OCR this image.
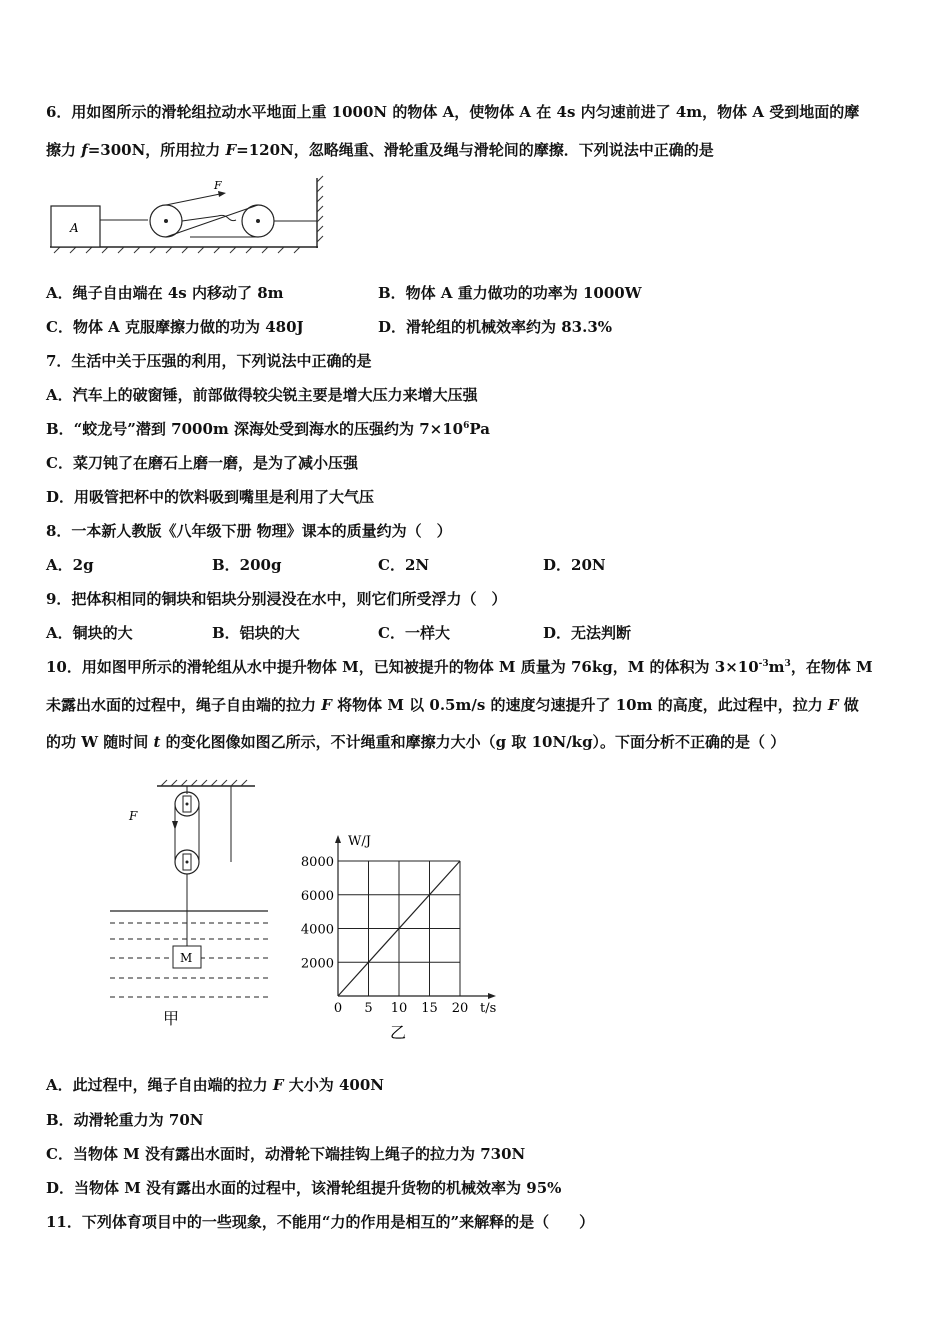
6．用如图所示的滑轮组拉动水平地面上重 1000N 的物体 A，使物体 A 在 4s 内匀速前进了 4m，物体 A 受到地面的摩
擦力 f=300N，所用拉力 F=120N，忽略绳重、滑轮重及绳与滑轮间的摩擦．下列说法中正确的是
A
F
A．绳子自由端在 4s 内移动了 8m	B．物体 A 重力做功的功率为 1000W
C．物体 A 克服摩擦力做的功为 480J	D．滑轮组的机械效率约为 83.3%
7．生活中关于压强的利用，下列说法中正确的是
A．汽车上的破窗锤，前部做得较尖锐主要是增大压力来增大压强
B．“蛟龙号”潜到 7000m 深海处受到海水的压强约为 $7\times 10^6Pa$
C．菜刀钝了在磨石上磨一磨，是为了减小压强
D．用吸管把杯中的饮料吸到嘴里是利用了大气压
8．一本新人教版《八年级下册 物理》课本的质量约为（　）
A．2g	B．200g	C．2N	D．20N
9．把体积相同的铜块和铝块分别浸没在水中，则它们所受浮力（　）
A．铜块的大	B．铝块的大	C．一样大	D．无法判断
10．用如图甲所示的滑轮组从水中提升物体 M，已知被提升的物体 M 质量为 76kg，M 的体积为 $3\times 10^{-3}m^3$，在物体 M
未露出水面的过程中，绳子自由端的拉力 F 将物体 M 以 0.5m/s 的速度匀速提升了 10m 的高度，此过程中，拉力 F 做
的功 W 随时间 t 的变化图像如图乙所示，不计绳重和摩擦力大小（g 取 10N/kg）。下面分析不正确的是（ ）
F
M
甲
0 5 10 15 20
2000
4000
6000
8000
t/s
W/J
乙
A．此过程中，绳子自由端的拉力 F 大小为 400N
B．动滑轮重力为 70N
C．当物体 M 没有露出水面时，动滑轮下端挂钩上绳子的拉力为 730N
D．当物体 M 没有露出水面的过程中，该滑轮组提升货物的机械效率为 95%
11．下列体育项目中的一些现象，不能用“力的作用是相互的”来解释的是（　　）
